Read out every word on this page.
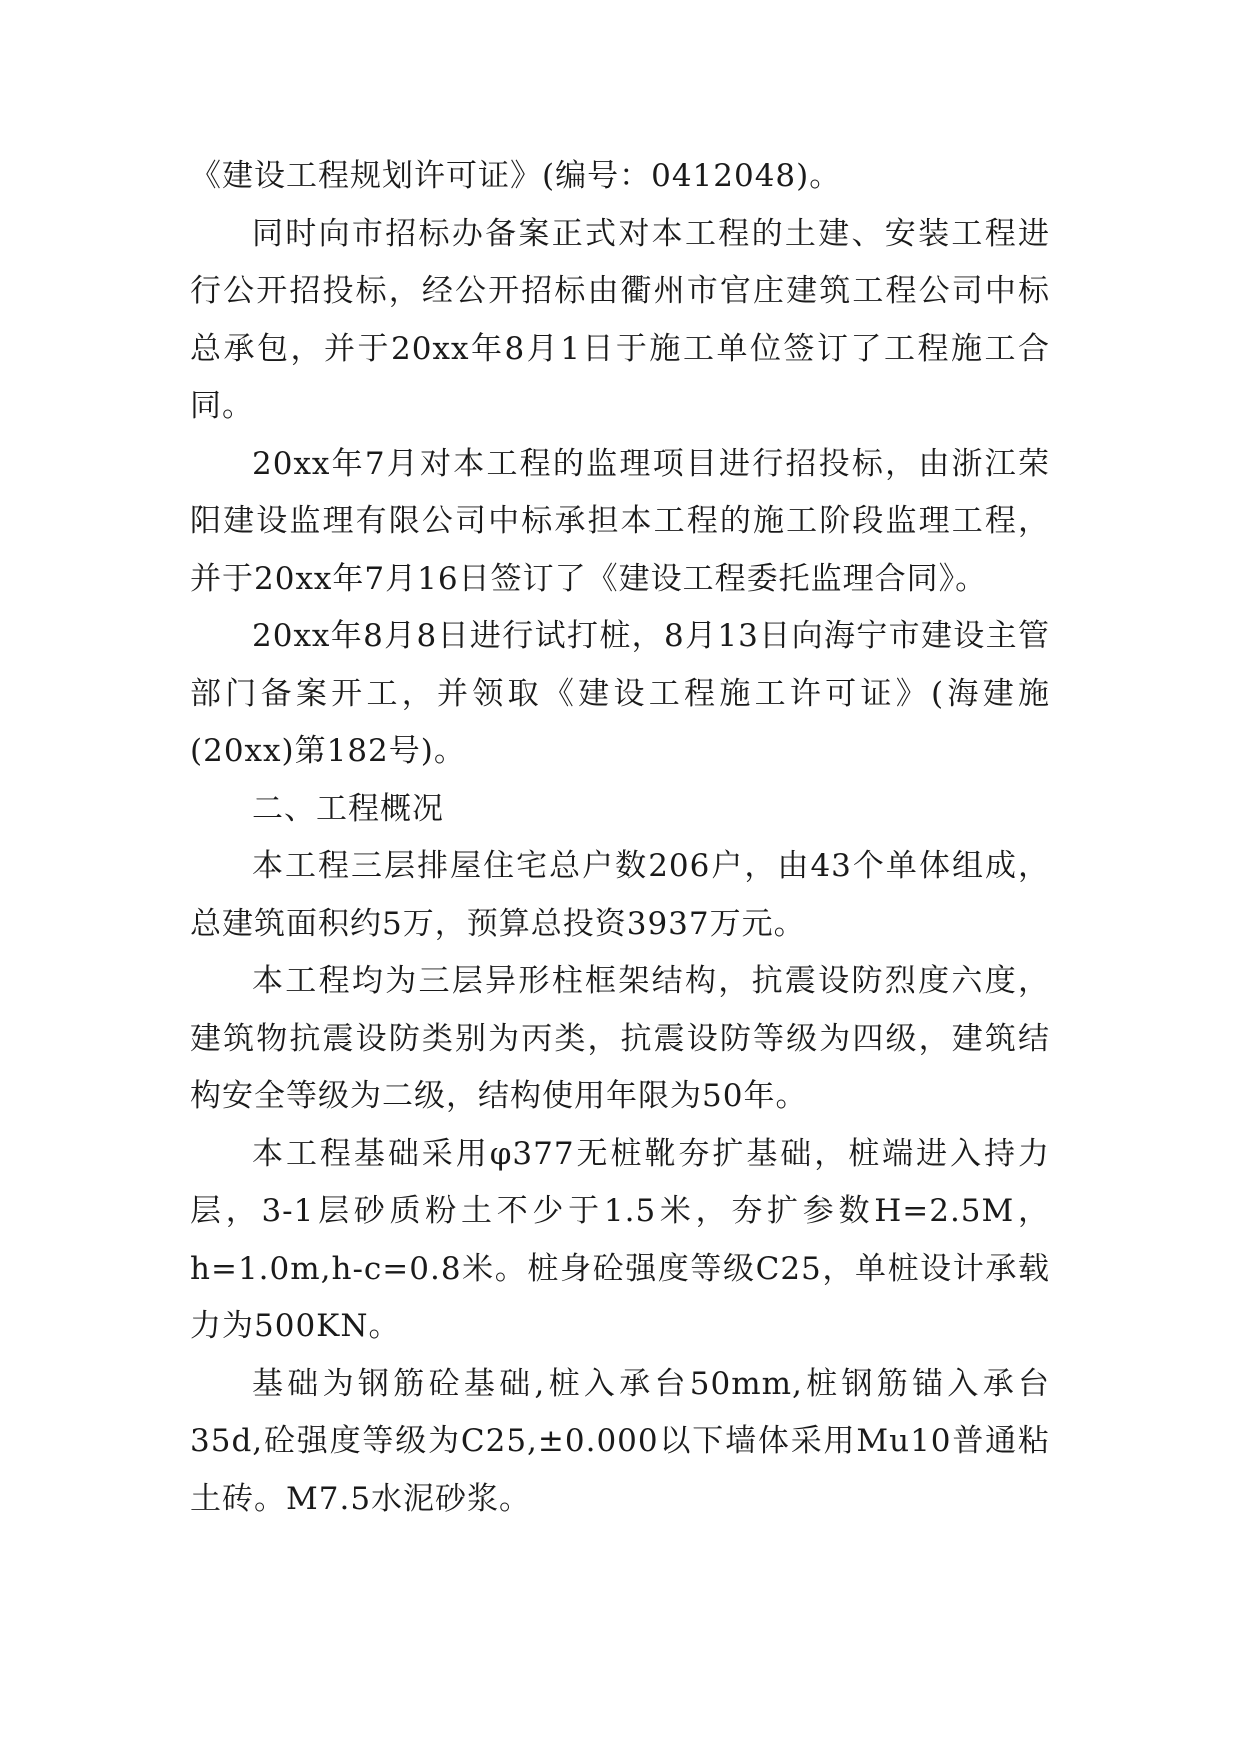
《建设工程规划许可证》(编号：0412048)。

同时向市招标办备案正式对本工程的土建、安装工程进行公开招投标，经公开招标由衢州市官庄建筑工程公司中标总承包，并于20xx年8月1日于施工单位签订了工程施工合同。

20xx年7月对本工程的监理项目进行招投标，由浙江荣阳建设监理有限公司中标承担本工程的施工阶段监理工程，并于20xx年7月16日签订了《建设工程委托监理合同》。

20xx年8月8日进行试打桩，8月13日向海宁市建设主管部门备案开工，并领取《建设工程施工许可证》(海建施(20xx)第182号)。

二、工程概况

本工程三层排屋住宅总户数206户，由43个单体组成，总建筑面积约5万，预算总投资3937万元。

本工程均为三层异形柱框架结构，抗震设防烈度六度，建筑物抗震设防类别为丙类，抗震设防等级为四级，建筑结构安全等级为二级，结构使用年限为50年。

本工程基础采用φ377无桩靴夯扩基础，桩端进入持力层，3-1层砂质粉土不少于1.5米，夯扩参数H=2.5M，h=1.0m,h-c=0.8米。桩身砼强度等级C25，单桩设计承载力为500KN。

基础为钢筋砼基础,桩入承台50mm,桩钢筋锚入承台35d,砼强度等级为C25,±0.000以下墙体采用Mu10普通粘土砖。M7.5水泥砂浆。
